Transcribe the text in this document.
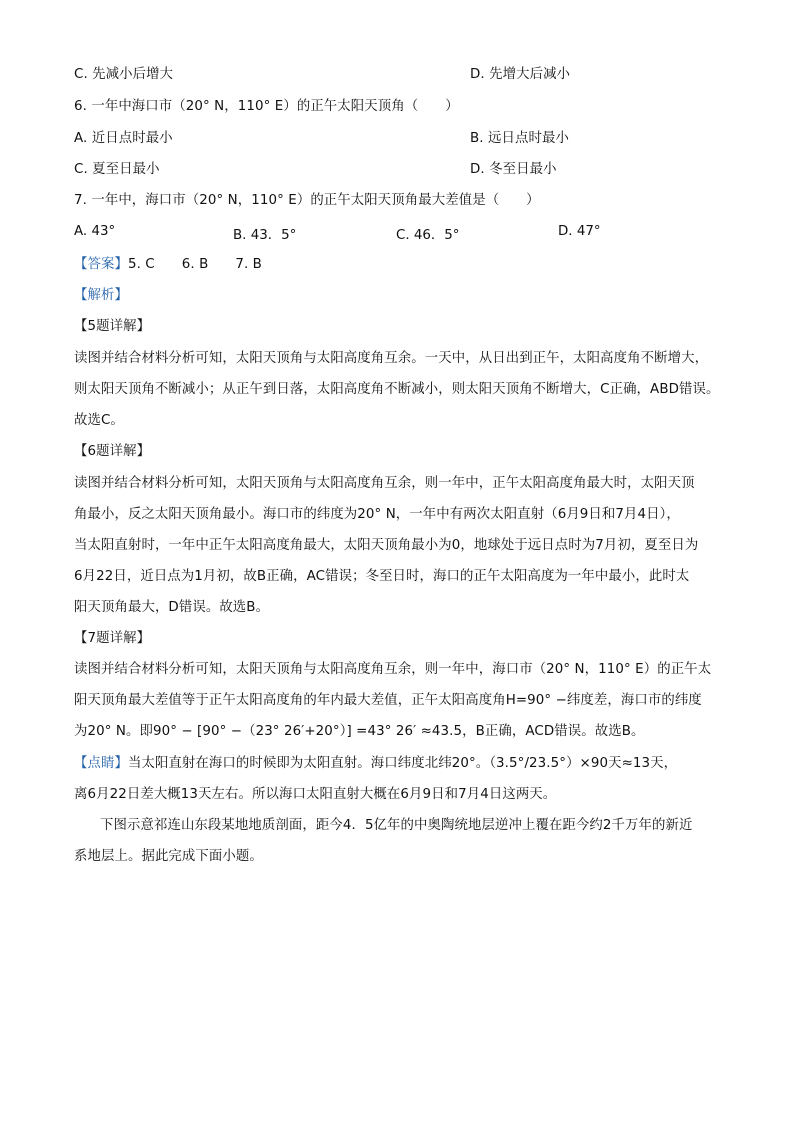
C. 先减小后增大	D. 先增大后减小
6. 一年中海口市（20° N，110° E）的正午太阳天顶角（　　）
A. 近日点时最小	B. 远日点时最小
C. 夏至日最小	D. 冬至日最小
7. 一年中，海口市（20° N，110° E）的正午太阳天顶角最大差值是（　　）
A. 43°	B. 43．5°	C. 46．5°	D. 47°
【答案】5. C　　6. B　　7. B
【解析】
【5题详解】
读图并结合材料分析可知，太阳天顶角与太阳高度角互余。一天中，从日出到正午，太阳高度角不断增大，
则太阳天顶角不断减小；从正午到日落，太阳高度角不断减小，则太阳天顶角不断增大，C正确，ABD错误。
故选C。
【6题详解】
读图并结合材料分析可知，太阳天顶角与太阳高度角互余，则一年中，正午太阳高度角最大时，太阳天顶
角最小，反之太阳天顶角最小。海口市的纬度为20° N，一年中有两次太阳直射（6月9日和7月4日），
当太阳直射时，一年中正午太阳高度角最大，太阳天顶角最小为0，地球处于远日点时为7月初，夏至日为
6月22日，近日点为1月初，故B正确，AC错误；冬至日时，海口的正午太阳高度为一年中最小，此时太
阳天顶角最大，D错误。故选B。
【7题详解】
读图并结合材料分析可知，太阳天顶角与太阳高度角互余，则一年中，海口市（20° N，110° E）的正午太
阳天顶角最大差值等于正午太阳高度角的年内最大差值，正午太阳高度角H=90° −纬度差，海口市的纬度
为20° N。即90° − [90° −（23° 26′+20°）] =43° 26′ ≈43.5，B正确，ACD错误。故选B。
【点睛】当太阳直射在海口的时候即为太阳直射。海口纬度北纬20°。（3.5°/23.5°）×90天≈13天，
离6月22日差大概13天左右。所以海口太阳直射大概在6月9日和7月4日这两天。
下图示意祁连山东段某地地质剖面，距今4．5亿年的中奥陶统地层逆冲上覆在距今约2千万年的新近
系地层上。据此完成下面小题。
